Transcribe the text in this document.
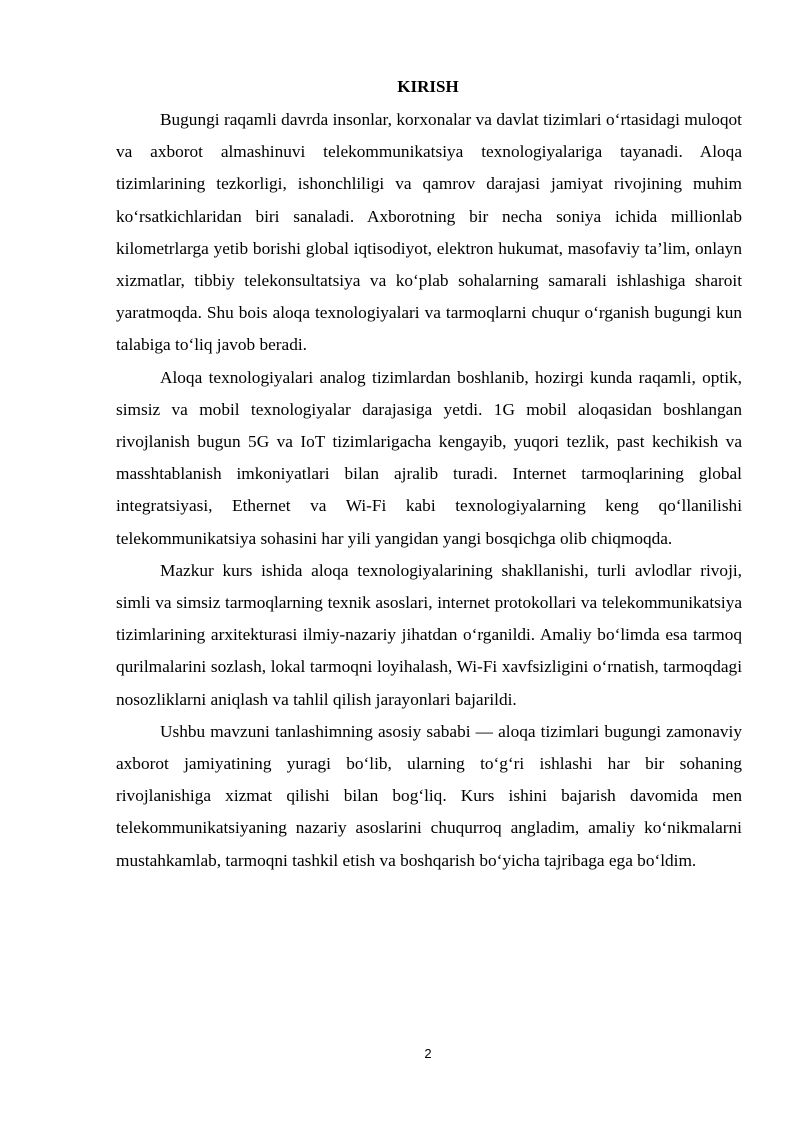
KIRISH

Bugungi raqamli davrda insonlar, korxonalar va davlat tizimlari o‘rtasidagi muloqot va axborot almashinuvi telekommunikatsiya texnologiyalariga tayanadi. Aloqa tizimlarining tezkorligi, ishonchliligi va qamrov darajasi jamiyat rivojining muhim ko‘rsatkichlaridan biri sanaladi. Axborotning bir necha soniya ichida millionlab kilometrlarga yetib borishi global iqtisodiyot, elektron hukumat, masofaviy ta’lim, onlayn xizmatlar, tibbiy telekonsultatsiya va ko‘plab sohalarning samarali ishlashiga sharoit yaratmoqda. Shu bois aloqa texnologiyalari va tarmoqlarni chuqur o‘rganish bugungi kun talabiga to‘liq javob beradi.

Aloqa texnologiyalari analog tizimlardan boshlanib, hozirgi kunda raqamli, optik, simsiz va mobil texnologiyalar darajasiga yetdi. 1G mobil aloqasidan boshlangan rivojlanish bugun 5G va IoT tizimlarigacha kengayib, yuqori tezlik, past kechikish va masshtablanish imkoniyatlari bilan ajralib turadi. Internet tarmoqlarining global integratsiyasi, Ethernet va Wi-Fi kabi texnologiyalarning keng qo‘llanilishi telekommunikatsiya sohasini har yili yangidan yangi bosqichga olib chiqmoqda.

Mazkur kurs ishida aloqa texnologiyalarining shakllanishi, turli avlodlar rivoji, simli va simsiz tarmoqlarning texnik asoslari, internet protokollari va telekommunikatsiya tizimlarining arxitekturasi ilmiy-nazariy jihatdan o‘rganildi. Amaliy bo‘limda esa tarmoq qurilmalarini sozlash, lokal tarmoqni loyihalash, Wi-Fi xavfsizligini o‘rnatish, tarmoqdagi nosozliklarni aniqlash va tahlil qilish jarayonlari bajarildi.

Ushbu mavzuni tanlashimning asosiy sababi — aloqa tizimlari bugungi zamonaviy axborot jamiyatining yuragi bo‘lib, ularning to‘g‘ri ishlashi har bir sohaning rivojlanishiga xizmat qilishi bilan bog‘liq. Kurs ishini bajarish davomida men telekommunikatsiyaning nazariy asoslarini chuqurroq angladim, amaliy ko‘nikmalarni mustahkamlab, tarmoqni tashkil etish va boshqarish bo‘yicha tajribaga ega bo‘ldim.

2
